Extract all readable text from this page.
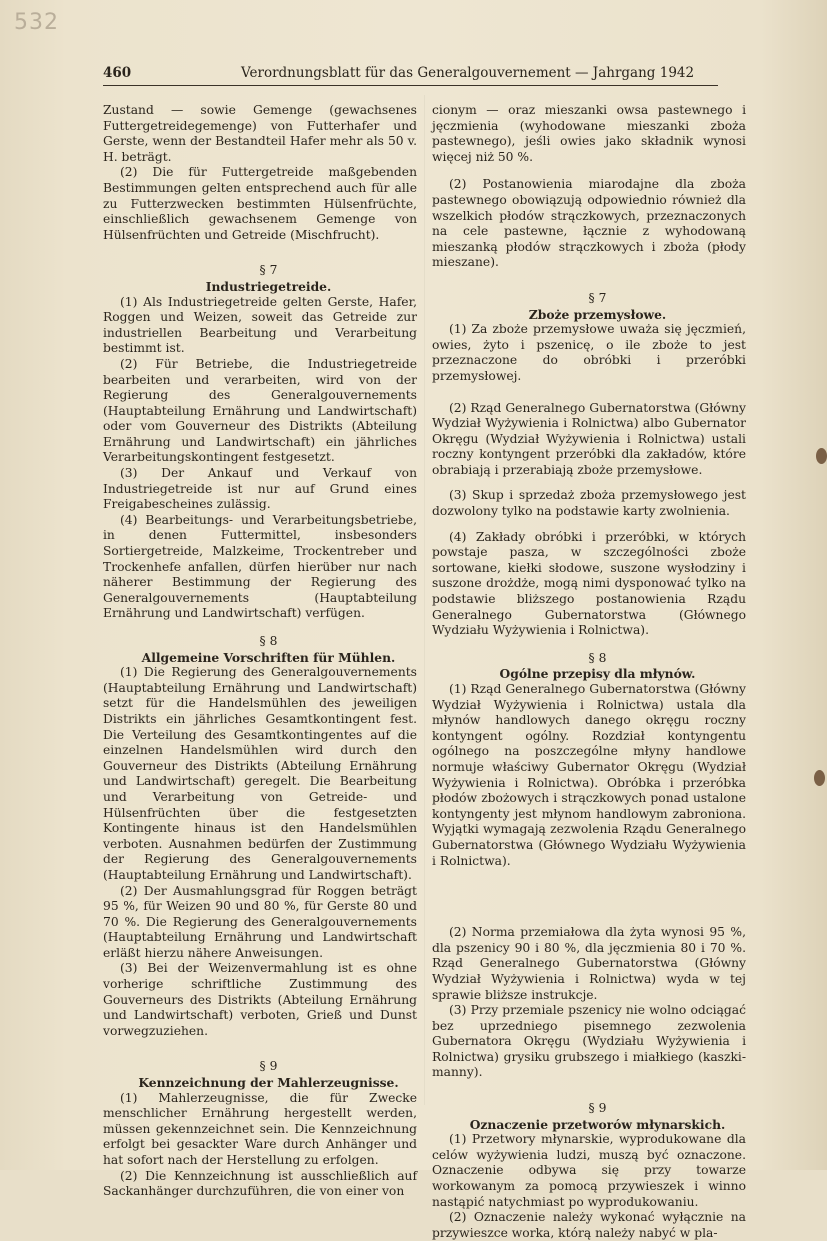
532
460	Verordnungsblatt für das Generalgouvernement — Jahrgang 1942

Zustand — sowie Gemenge (gewachsenes Futtergetreidegemenge) von Futterhafer und Gerste, wenn der Bestandteil Hafer mehr als 50 v. H. beträgt.

(2) Die für Futtergetreide maßgebenden Bestimmungen gelten entsprechend auch für alle zu Futterzwecken bestimmten Hülsenfrüchte, einschließlich gewachsenem Gemenge von Hülsenfrüchten und Getreide (Mischfrucht).

§ 7

Industriegetreide.

(1) Als Industriegetreide gelten Gerste, Hafer, Roggen und Weizen, soweit das Getreide zur industriellen Bearbeitung und Verarbeitung bestimmt ist.

(2) Für Betriebe, die Industriegetreide bearbeiten und verarbeiten, wird von der Regierung des Generalgouvernements (Hauptabteilung Ernährung und Landwirtschaft) oder vom Gouverneur des Distrikts (Abteilung Ernährung und Landwirtschaft) ein jährliches Verarbeitungskontingent festgesetzt.

(3) Der Ankauf und Verkauf von Industriegetreide ist nur auf Grund eines Freigabescheines zulässig.

(4) Bearbeitungs- und Verarbeitungsbetriebe, in denen Futtermittel, insbesonders Sortiergetreide, Malzkeime, Trockentreber und Trockenhefe anfallen, dürfen hierüber nur nach näherer Bestimmung der Regierung des Generalgouvernements (Hauptabteilung Ernährung und Landwirtschaft) verfügen.

§ 8

Allgemeine Vorschriften für Mühlen.

(1) Die Regierung des Generalgouvernements (Hauptabteilung Ernährung und Landwirtschaft) setzt für die Handelsmühlen des jeweiligen Distrikts ein jährliches Gesamtkontingent fest. Die Verteilung des Gesamtkontingentes auf die einzelnen Handelsmühlen wird durch den Gouverneur des Distrikts (Abteilung Ernährung und Landwirtschaft) geregelt. Die Bearbeitung und Verarbeitung von Getreide- und Hülsenfrüchten über die festgesetzten Kontingente hinaus ist den Handelsmühlen verboten. Ausnahmen bedürfen der Zustimmung der Regierung des Generalgouvernements (Hauptabteilung Ernährung und Landwirtschaft).

(2) Der Ausmahlungsgrad für Roggen beträgt 95 %, für Weizen 90 und 80 %, für Gerste 80 und 70 %. Die Regierung des Generalgouvernements (Hauptabteilung Ernährung und Landwirtschaft erläßt hierzu nähere Anweisungen.

(3) Bei der Weizenvermahlung ist es ohne vorherige schriftliche Zustimmung des Gouverneurs des Distrikts (Abteilung Ernährung und Landwirtschaft) verboten, Grieß und Dunst vorwegzuziehen.

§ 9

Kennzeichnung der Mahlerzeugnisse.

(1) Mahlerzeugnisse, die für Zwecke menschlicher Ernährung hergestellt werden, müssen gekennzeichnet sein. Die Kennzeichnung erfolgt bei gesackter Ware durch Anhänger und hat sofort nach der Herstellung zu erfolgen.

(2) Die Kennzeichnung ist ausschließlich auf Sackanhänger durchzuführen, die von einer von

cionym — oraz mieszanki owsa pastewnego i jęczmienia (wyhodowane mieszanki zboża pastewnego), jeśli owies jako składnik wynosi więcej niż 50 %.

(2) Postanowienia miarodajne dla zboża pastewnego obowiązują odpowiednio również dla wszelkich płodów strączkowych, przeznaczonych na cele pastewne, łącznie z wyhodowaną mieszanką płodów strączkowych i zboża (płody mieszane).

§ 7

Zboże przemysłowe.

(1) Za zboże przemysłowe uważa się jęczmień, owies, żyto i pszenicę, o ile zboże to jest przeznaczone do obróbki i przeróbki przemysłowej.

(2) Rząd Generalnego Gubernatorstwa (Główny Wydział Wyżywienia i Rolnictwa) albo Gubernator Okręgu (Wydział Wyżywienia i Rolnictwa) ustali roczny kontyngent przeróbki dla zakładów, które obrabiają i przerabiają zboże przemysłowe.

(3) Skup i sprzedaż zboża przemysłowego jest dozwolony tylko na podstawie karty zwolnienia.

(4) Zakłady obróbki i przeróbki, w których powstaje pasza, w szczególności zboże sortowane, kiełki słodowe, suszone wysłodziny i suszone drożdże, mogą nimi dysponować tylko na podstawie bliższego postanowienia Rządu Generalnego Gubernatorstwa (Głównego Wydziału Wyżywienia i Rolnictwa).

§ 8

Ogólne przepisy dla młynów.

(1) Rząd Generalnego Gubernatorstwa (Główny Wydział Wyżywienia i Rolnictwa) ustala dla młynów handlowych danego okręgu roczny kontyngent ogólny. Rozdział kontyngentu ogólnego na poszczególne młyny handlowe normuje właściwy Gubernator Okręgu (Wydział Wyżywienia i Rolnictwa). Obróbka i przeróbka płodów zbożowych i strączkowych ponad ustalone kontyngenty jest młynom handlowym zabroniona. Wyjątki wymagają zezwolenia Rządu Generalnego Gubernatorstwa (Głównego Wydziału Wyżywienia i Rolnictwa).

(2) Norma przemiałowa dla żyta wynosi 95 %, dla pszenicy 90 i 80 %, dla jęczmienia 80 i 70 %. Rząd Generalnego Gubernatorstwa (Główny Wydział Wyżywienia i Rolnictwa) wyda w tej sprawie bliższe instrukcje.

(3) Przy przemiale pszenicy nie wolno odciągać bez uprzedniego pisemnego zezwolenia Gubernatora Okręgu (Wydziału Wyżywienia i Rolnictwa) grysiku grubszego i miałkiego (kaszki-manny).

§ 9

Oznaczenie przetworów młynarskich.

(1) Przetwory młynarskie, wyprodukowane dla celów wyżywienia ludzi, muszą być oznaczone. Oznaczenie odbywa się przy towarze workowanym za pomocą przywieszek i winno nastąpić natychmiast po wyprodukowaniu.

(2) Oznaczenie należy wykonać wyłącznie na przywieszce worka, którą należy nabyć w pla-
